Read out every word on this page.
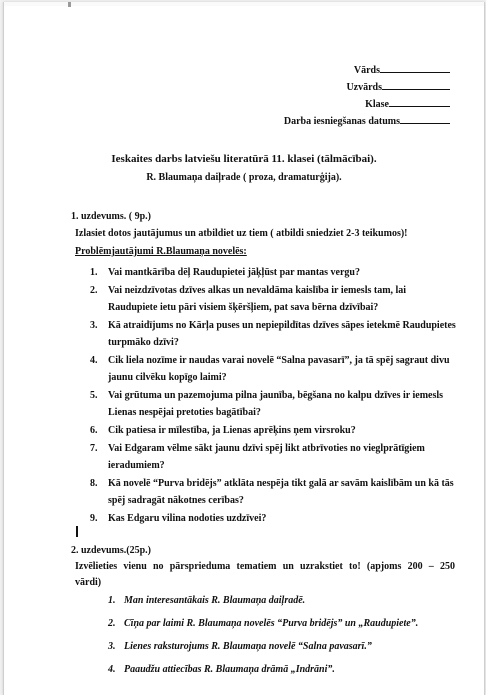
Vārds
Uzvārds
Klase
Darba iesniegšanas datums
Ieskaites darbs latviešu literatūrā 11. klasei (tālmācībai).
R. Blaumaņa daiļrade ( proza, dramaturģija).
1. uzdevums. ( 9p.)
Izlasiet dotos jautājumus un atbildiet uz tiem ( atbildi sniedziet 2-3 teikumos)!
Problēmjautājumi R.Blaumaņa novelēs:
1. Vai mantkārība dēļ Raudupietei jāķļūst par mantas vergu?
2. Vai neizdzīvotas dzīves alkas un nevaldāma kaislība ir iemesls tam, lai
Raudupiete ietu pāri visiem šķēršļiem, pat sava bērna dzīvībai?
3. Kā atraidījums no Kārļa puses un nepiepildītas dzīves sāpes ietekmē Raudupietes
turpmāko dzīvi?
4. Cik liela nozīme ir naudas varai novelē “Salna pavasarī”, ja tā spēj sagraut divu
jaunu cilvēku kopīgo laimi?
5. Vai grūtuma un pazemojuma pilna jaunība, bēgšana no kalpu dzīves ir iemesls
Lienas nespējai pretoties bagātībai?
6. Cik patiesa ir mīlestība, ja Lienas aprēķins ņem virsroku?
7. Vai Edgaram vēlme sākt jaunu dzīvi spēj likt atbrīvoties no vieglprātīgiem
ieradumiem?
8. Kā novelē “Purva bridējs” atklāta nespēja tikt galā ar savām kaislībām un kā tās
spēj sadragāt nākotnes cerības?
9. Kas Edgaru vilina nodoties uzdzīvei?
2. uzdevums.(25p.)
Izvēlieties vienu no pārsprieduma tematiem un uzrakstiet to! (apjoms 200 – 250
vārdi)
1. Man interesantākais R. Blaumaņa daiļradē.
2. Cīņa par laimi R. Blaumaņa novelēs “Purva bridējs” un „Raudupiete”.
3. Lienes raksturojums R. Blaumaņa novelē “Salna pavasarī.”
4. Paaudžu attiecības R. Blaumaņa drāmā „Indrāni”.
